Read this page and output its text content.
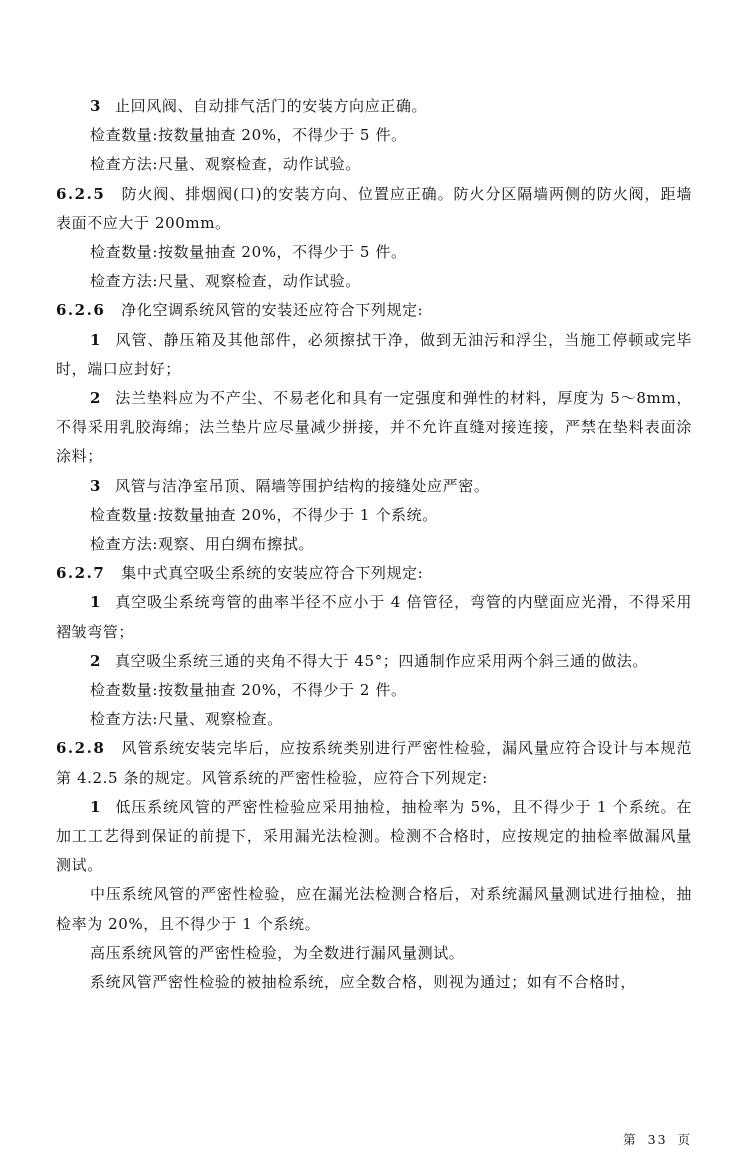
3 止回风阀、自动排气活门的安装方向应正确。

检查数量:按数量抽查 20%，不得少于 5 件。

检查方法:尺量、观察检查，动作试验。

6.2.5 防火阀、排烟阀(口)的安装方向、位置应正确。防火分区隔墙两侧的防火阀，距墙表面不应大于 200mm。

检查数量:按数量抽查 20%，不得少于 5 件。

检查方法:尺量、观察检查，动作试验。

6.2.6 净化空调系统风管的安装还应符合下列规定:

1 风管、静压箱及其他部件，必须擦拭干净，做到无油污和浮尘，当施工停顿或完毕时，端口应封好；

2 法兰垫料应为不产尘、不易老化和具有一定强度和弹性的材料，厚度为 5～8mm，不得采用乳胶海绵；法兰垫片应尽量减少拼接，并不允许直缝对接连接，严禁在垫料表面涂涂料；

3 风管与洁净室吊顶、隔墙等围护结构的接缝处应严密。

检查数量:按数量抽查 20%，不得少于 1 个系统。

检查方法:观察、用白绸布擦拭。

6.2.7 集中式真空吸尘系统的安装应符合下列规定:

1 真空吸尘系统弯管的曲率半径不应小于 4 倍管径，弯管的内壁面应光滑，不得采用褶皱弯管；

2 真空吸尘系统三通的夹角不得大于 45°；四通制作应采用两个斜三通的做法。

检查数量:按数量抽查 20%，不得少于 2 件。

检查方法:尺量、观察检查。

6.2.8 风管系统安装完毕后，应按系统类别进行严密性检验，漏风量应符合设计与本规范第 4.2.5 条的规定。风管系统的严密性检验，应符合下列规定:

1 低压系统风管的严密性检验应采用抽检，抽检率为 5%，且不得少于 1 个系统。在加工工艺得到保证的前提下，采用漏光法检测。检测不合格时，应按规定的抽检率做漏风量测试。

中压系统风管的严密性检验，应在漏光法检测合格后，对系统漏风量测试进行抽检，抽检率为 20%，且不得少于 1 个系统。

高压系统风管的严密性检验，为全数进行漏风量测试。

系统风管严密性检验的被抽检系统，应全数合格，则视为通过；如有不合格时，

第 33 页
